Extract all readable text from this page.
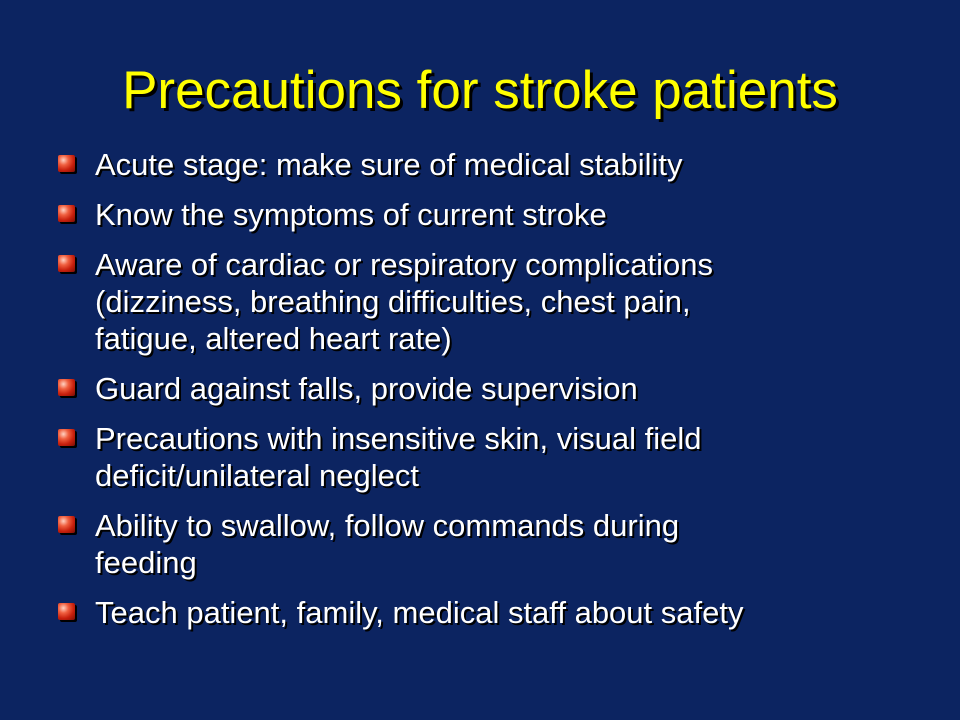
Precautions for stroke patients
Acute stage: make sure of medical stability
Know the symptoms of current stroke
Aware of cardiac or respiratory complications
(dizziness, breathing difficulties, chest pain,
fatigue, altered heart rate)
Guard against falls, provide supervision
Precautions with insensitive skin, visual field
deficit/unilateral neglect
Ability to swallow, follow commands during
feeding
Teach patient, family, medical staff about safety
